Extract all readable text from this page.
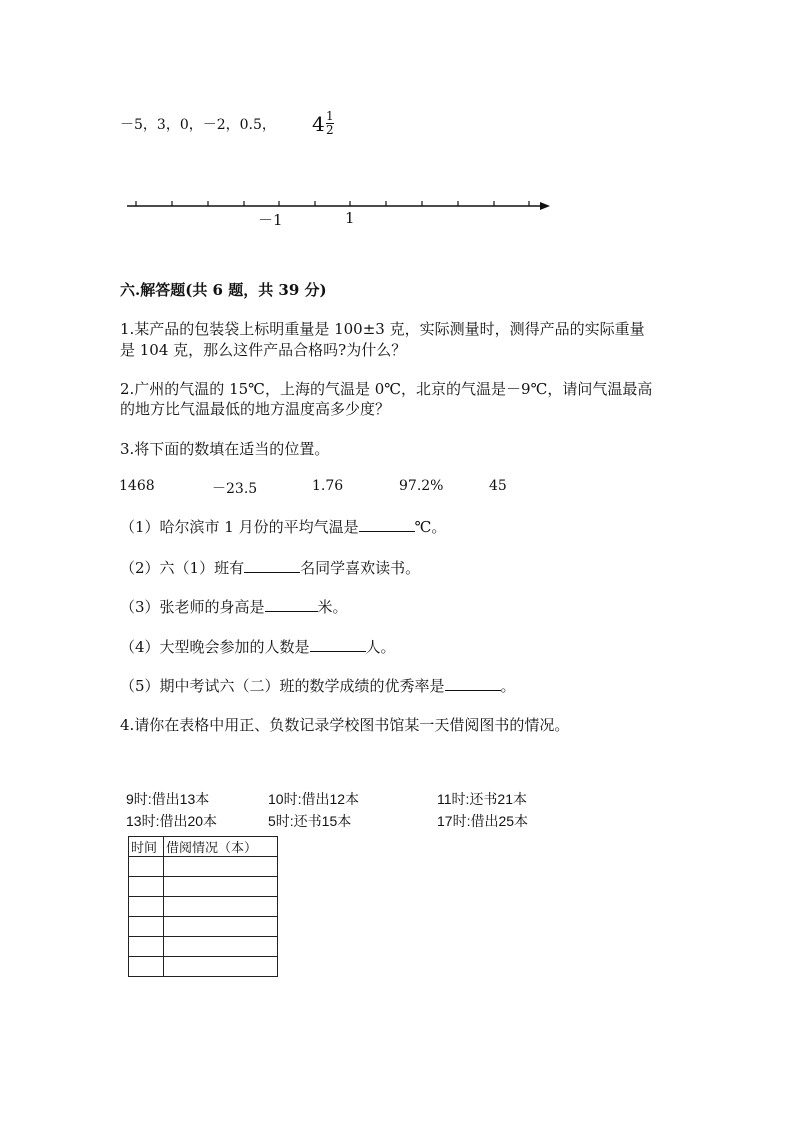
－5，3，0，－2，0.5， 4 1
2
－1	1
六.解答题(共 6 题，共 39 分)
1.某产品的包装袋上标明重量是 100±3 克，实际测量时，测得产品的实际重量
是 104 克，那么这件产品合格吗?为什么？
2.广州的气温的 15℃，上海的气温是 0℃，北京的气温是－9℃，请问气温最高
的地方比气温最低的地方温度高多少度？
3.将下面的数填在适当的位置。
1468	－23.5	1.76	97.2%	45
（1）哈尔滨市 1 月份的平均气温是	℃。
（2）六（1）班有	名同学喜欢读书。
（3）张老师的身高是	米。
（4）大型晚会参加的人数是	人。
（5）期中考试六（二）班的数学成绩的优秀率是	。
4.请你在表格中用正、负数记录学校图书馆某一天借阅图书的情况。
9时:借出13本	10时:借出12本	11时:还书21本
13时:借出20本	5时:还书15本	17时:借出25本
时间	借阅情况（本）
